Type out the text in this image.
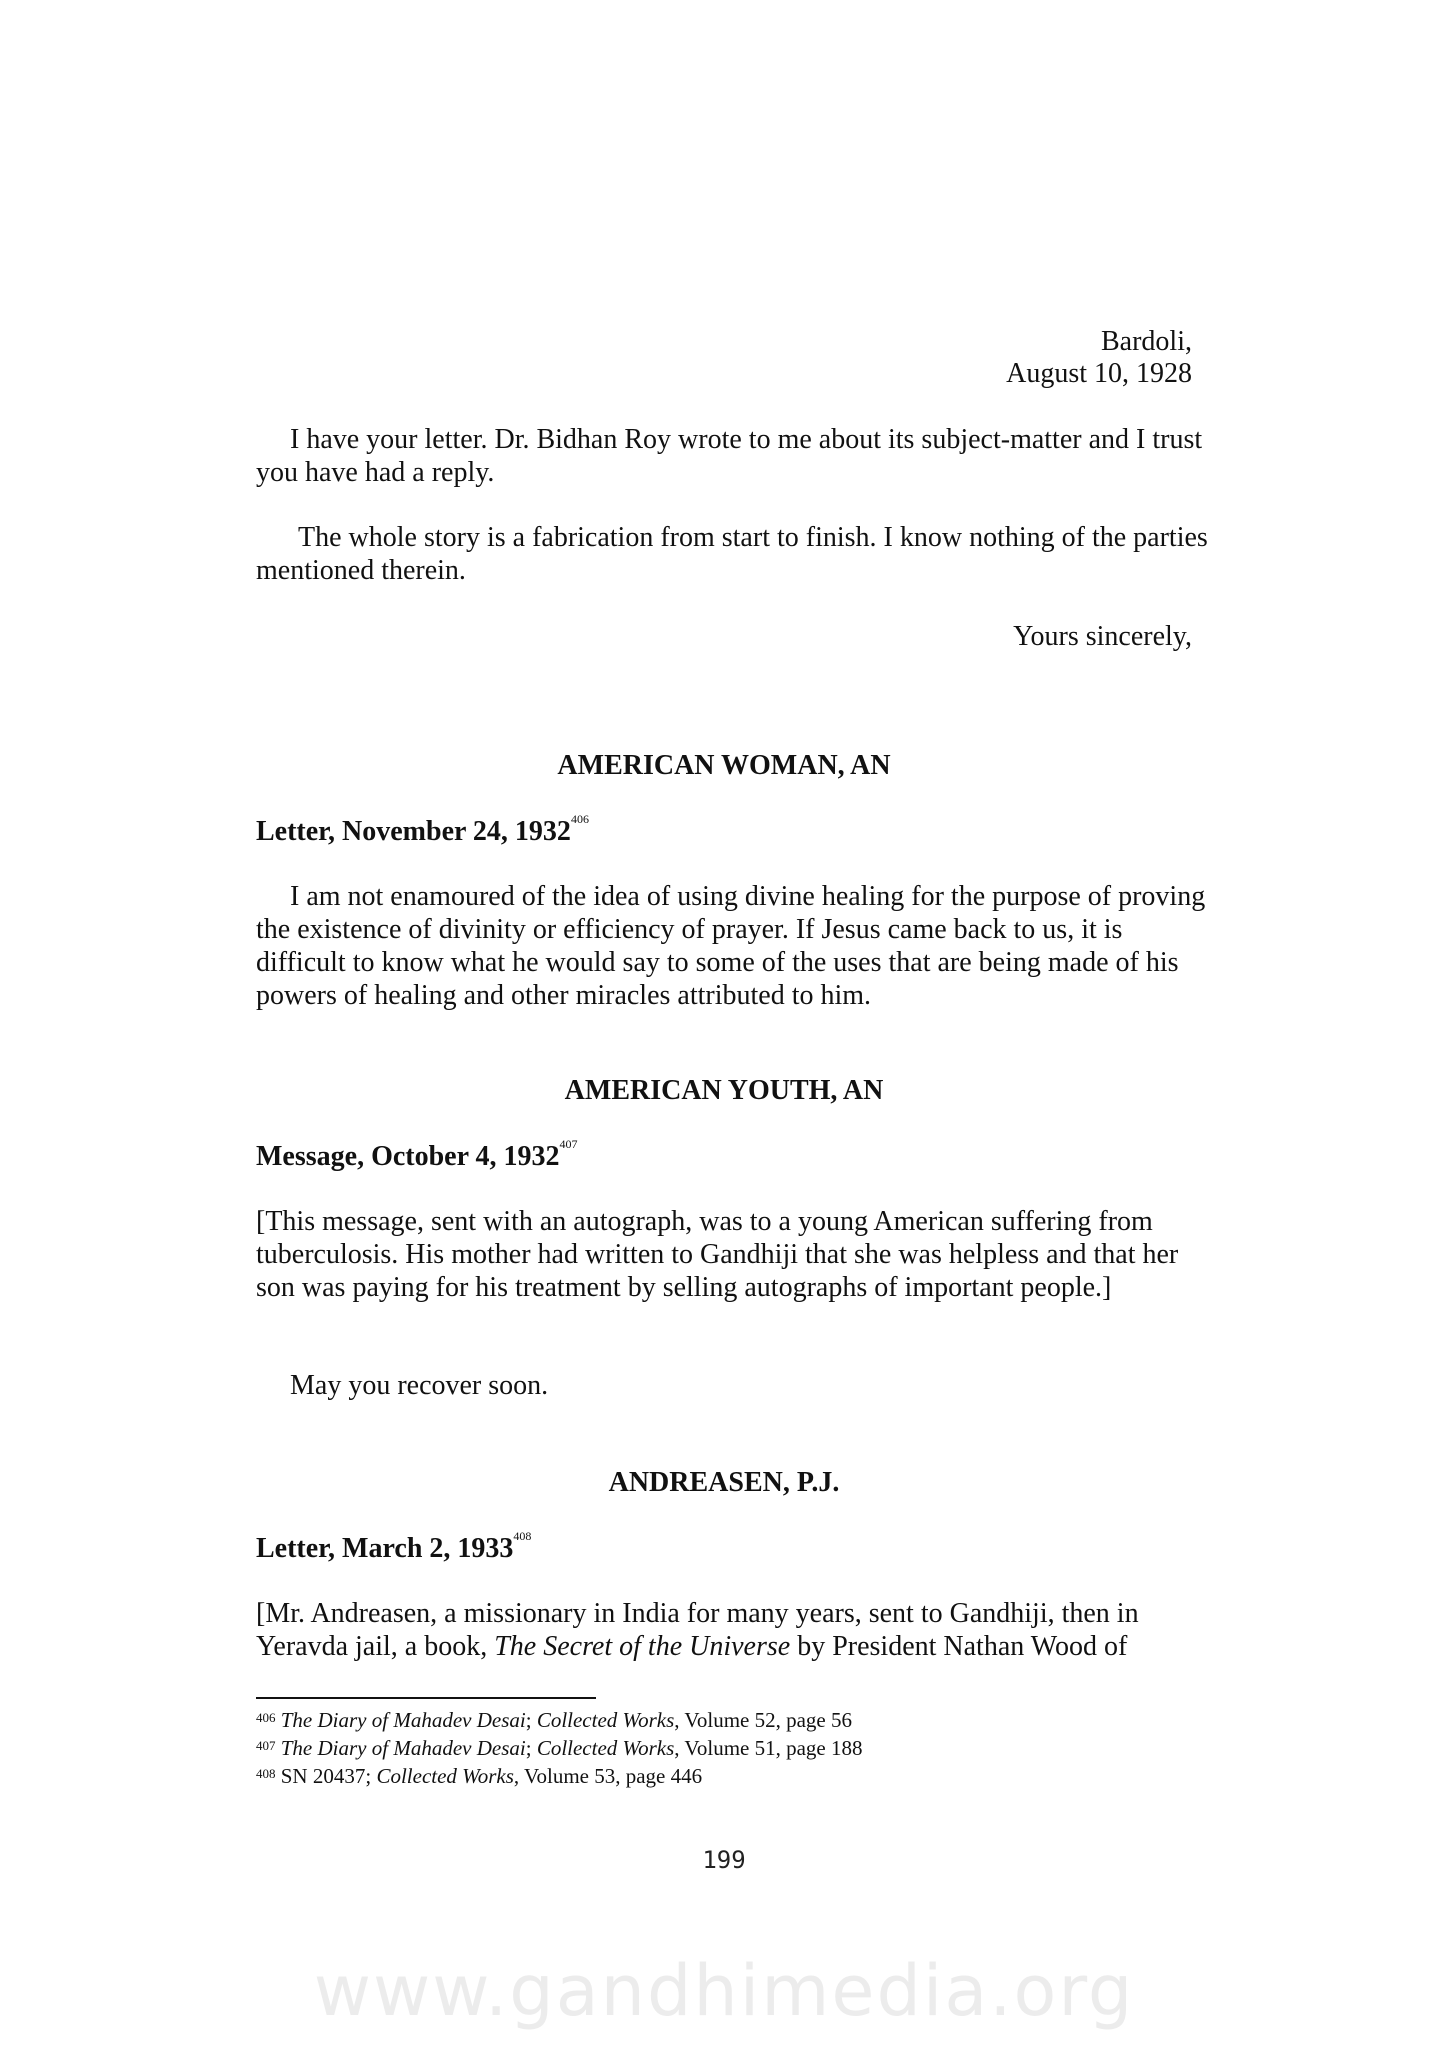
Bardoli,
August 10, 1928
I have your letter. Dr. Bidhan Roy wrote to me about its subject-matter and I trust you have had a reply.
The whole story is a fabrication from start to finish. I know nothing of the parties mentioned therein.
Yours sincerely,
AMERICAN WOMAN, AN
Letter, November 24, 1932$^{406}$
I am not enamoured of the idea of using divine healing for the purpose of proving the existence of divinity or efficiency of prayer. If Jesus came back to us, it is difficult to know what he would say to some of the uses that are being made of his powers of healing and other miracles attributed to him.
AMERICAN YOUTH, AN
Message, October 4, 1932$^{407}$
[This message, sent with an autograph, was to a young American suffering from tuberculosis. His mother had written to Gandhiji that she was helpless and that her son was paying for his treatment by selling autographs of important people.]
May you recover soon.
ANDREASEN, P.J.
Letter, March 2, 1933$^{408}$
[Mr. Andreasen, a missionary in India for many years, sent to Gandhiji, then in Yeravda jail, a book, The Secret of the Universe by President Nathan Wood of
$^{406}$ The Diary of Mahadev Desai; Collected Works, Volume 52, page 56
$^{407}$ The Diary of Mahadev Desai; Collected Works, Volume 51, page 188
$^{408}$ SN 20437; Collected Works, Volume 53, page 446
199
www.gandhimedia.org
